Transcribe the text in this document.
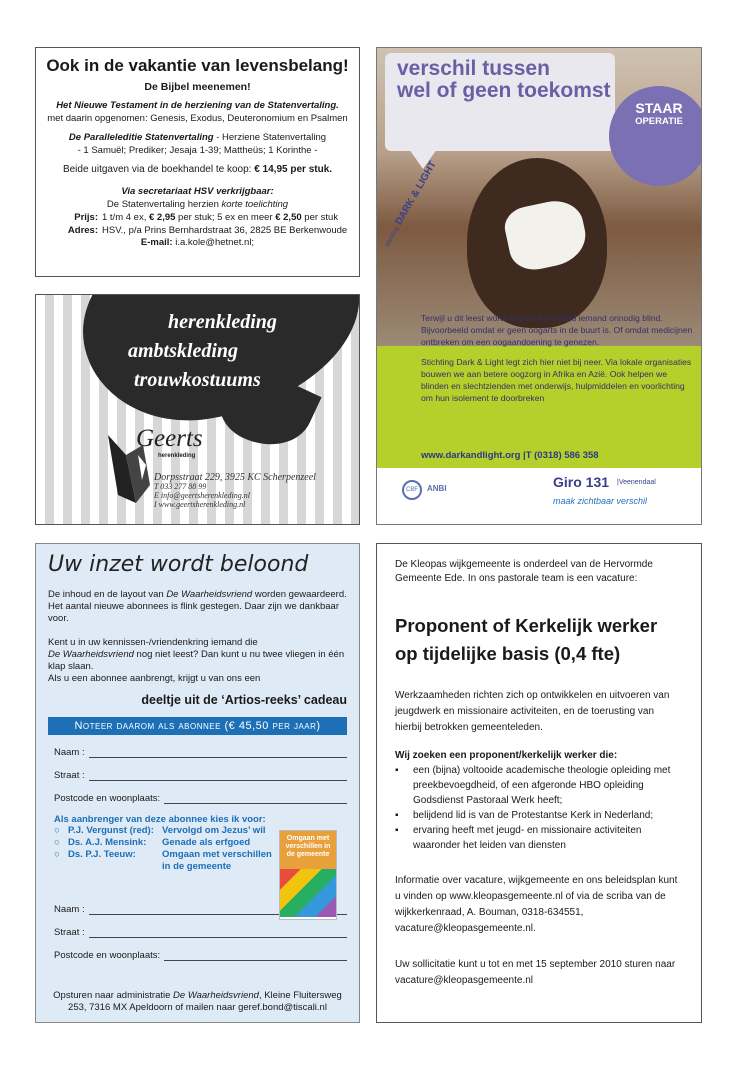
Ook in de vakantie van levensbelang!
De Bijbel meenemen!
Het Nieuwe Testament in de herziening van de Statenvertaling.
met daarin opgenomen: Genesis, Exodus, Deuteronomium en Psalmen
De Paralleleditie Statenvertaling - Herziene Statenvertaling
- 1 Samuël; Prediker; Jesaja 1-39; Mattheüs; 1 Korinthe -
Beide uitgaven via de boekhandel te koop: € 14,95 per stuk.
Via secretariaat HSV verkrijgbaar:
De Statenvertaling herzien korte toelichting
Prijs: 1 t/m 4 ex, € 2,95 per stuk; 5 ex en meer € 2,50 per stuk
Adres: HSV., p/a Prins Bernhardstraat 36, 2825 BE Berkenwoude
E-mail: i.a.kole@hetnet.nl;
herenkleding
ambtskleding
trouwkostuums
Geerts
herenkleding
Dorpsstraat 229, 3925 KC Scherpenzeel
T 033 277 88 99
E info@geertsherenkleding.nl
I www.geertsherenkleding.nl
verschil tussen
wel of geen toekomst
STAAR
OPERATIE
stichting DARK & LIGHT

Terwijl u dit leest wordt ergens ter wereld iemand onnodig blind. Bijvoorbeeld omdat er geen oogarts in de buurt is. Of omdat medicijnen ontbreken om een oogaandoening te genezen.

Stichting Dark & Light legt zich hier niet bij neer. Via lokale organisaties bouwen we aan betere oogzorg in Afrika en Azië. Ook helpen we blinden en slechtzienden met onderwijs, hulpmiddelen en voorlichting om hun isolement te doorbreken

www.darkandlight.org |T (0318) 586 358
CBF	ANBI	Giro 131 |Veenendaal
maak zichtbaar verschil
Uw inzet wordt beloond
De inhoud en de layout van De Waarheidsvriend worden gewaardeerd. Het aantal nieuwe abonnees is flink gestegen. Daar zijn we dankbaar voor.
Kent u in uw kennissen-/vriendenkring iemand die
De Waarheidsvriend nog niet leest? Dan kunt u nu twee vliegen in één klap slaan.
Als u een abonnee aanbrengt, krijgt u van ons een
deeltje uit de ‘Artios-reeks’ cadeau
Noteer daarom als abonnee (€ 45,50 per jaar)
Naam :
Straat :
Postcode en woonplaats:
Als aanbrenger van deze abonnee kies ik voor:
○ P.J. Vergunst (red): Vervolgd om Jezus’ wil
○ Ds. A.J. Mensink:	Genade als erfgoed
○ Ds. P.J. Teeuw:	Omgaan met verschillen in de gemeente
Omgaan met verschillen in de gemeente
Naam :
Straat :
Postcode en woonplaats:
Opsturen naar administratie De Waarheidsvriend, Kleine Fluitersweg 253, 7316 MX Apeldoorn of mailen naar geref.bond@tiscali.nl
De Kleopas wijkgemeente is onderdeel van de Hervormde Gemeente Ede. In ons pastorale team is een vacature:
Proponent of Kerkelijk werker op tijdelijke basis (0,4 fte)
Werkzaamheden richten zich op ontwikkelen en uitvoeren van jeugdwerk en missionaire activiteiten, en de toerusting van hierbij betrokken gemeenteleden.
Wij zoeken een proponent/kerkelijk werker die:
▪ een (bijna) voltooide academische theologie opleiding met preekbevoegdheid, of een afgeronde HBO opleiding Godsdienst Pastoraal Werk heeft;
▪ belijdend lid is van de Protestantse Kerk in Nederland;
▪ ervaring heeft met jeugd- en missionaire activiteiten waaronder het leiden van diensten
Informatie over vacature, wijkgemeente en ons beleidsplan kunt u vinden op www.kleopasgemeente.nl of via de scriba van de wijkkerkenraad, A. Bouman, 0318-634551, vacature@kleopasgemeente.nl.
Uw sollicitatie kunt u tot en met 15 september 2010 sturen naar vacature@kleopasgemeente.nl
